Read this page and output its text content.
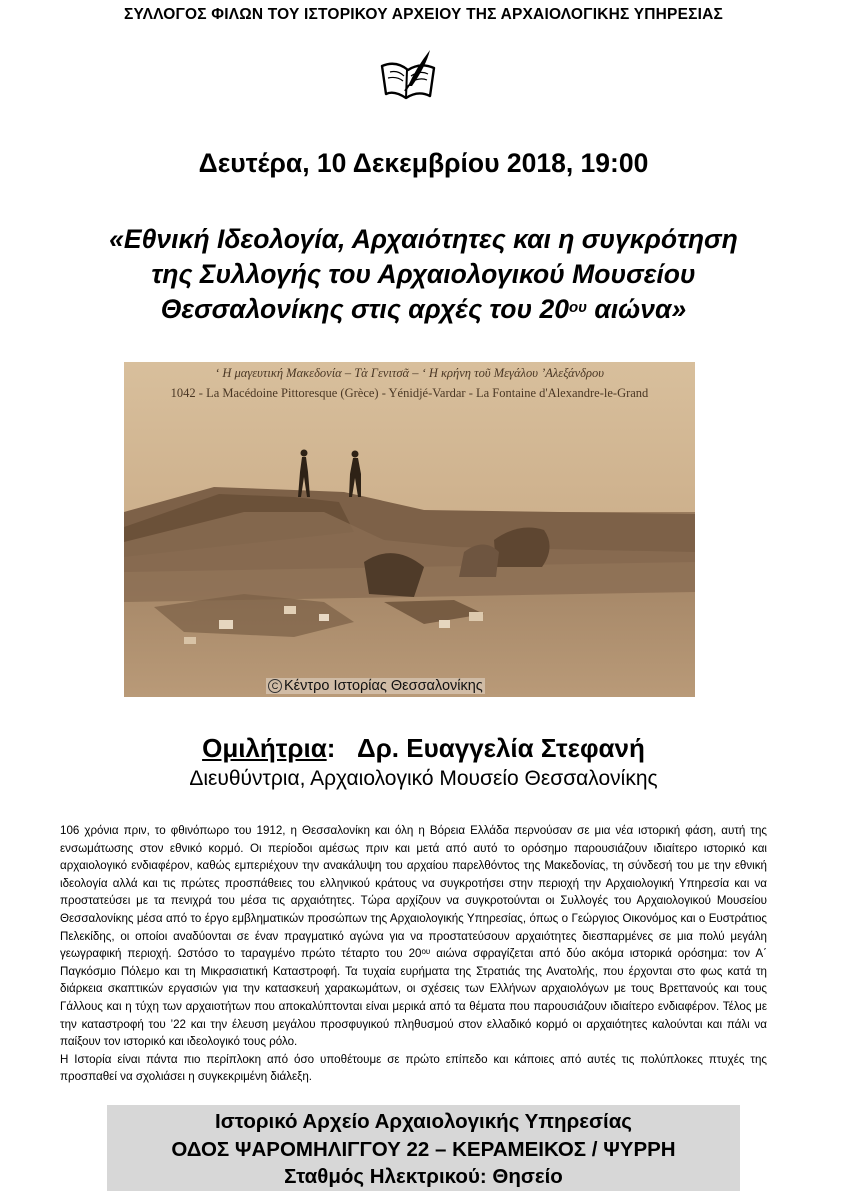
ΣΥΛΛΟΓΟΣ ΦΙΛΩΝ ΤΟΥ ΙΣΤΟΡΙΚΟΥ ΑΡΧΕΙΟΥ ΤΗΣ ΑΡΧΑΙΟΛΟΓΙΚΗΣ ΥΠΗΡΕΣΙΑΣ
Δευτέρα, 10 Δεκεμβρίου 2018, 19:00
«Εθνική Ιδεολογία, Αρχαιότητες και η συγκρότηση
της Συλλογής του Αρχαιολογικού Μουσείου
Θεσσαλονίκης στις αρχές του $20^{o\upsilon}$ αιώνα»
‘ Η μαγευτική Μακεδονία – Τὰ Γενιτσᾶ – ‘ Η κρήνη τοῦ Μεγάλου ’Αλεξάνδρου
1042 - La Macédoine Pittoresque (Grèce) - Yénidjé-Vardar - La Fontaine d'Alexandre-le-Grand
C Κέντρο Ιστορίας Θεσσαλονίκης
Ομιλήτρια: Δρ. Ευαγγελία Στεφανή
Διευθύντρια, Αρχαιολογικό Μουσείο Θεσσαλονίκης

106 χρόνια πριν, το φθινόπωρο του 1912, η Θεσσαλονίκη και όλη η Βόρεια Ελλάδα περνούσαν σε μια νέα ιστορική φάση, αυτή της ενσωμάτωσης στον εθνικό κορμό. Οι περίοδοι αμέσως πριν και μετά από αυτό το ορόσημο παρουσιάζουν ιδιαίτερο ιστορικό και αρχαιολογικό ενδιαφέρον, καθώς εμπεριέχουν την ανακάλυψη του αρχαίου παρελθόντος της Μακεδονίας, τη σύνδεσή του με την εθνική ιδεολογία αλλά και τις πρώτες προσπάθειες του ελληνικού κράτους να συγκροτήσει στην περιοχή την Αρχαιολογική Υπηρεσία και να προστατεύσει με τα πενιχρά του μέσα τις αρχαιότητες. Τώρα αρχίζουν να συγκροτούνται οι Συλλογές του Αρχαιολογικού Μουσείου Θεσσαλονίκης μέσα από το έργο εμβληματικών προσώπων της Αρχαιολογικής Υπηρεσίας, όπως ο Γεώργιος Οικονόμος και ο Ευστράτιος Πελεκίδης, οι οποίοι αναδύονται σε έναν πραγματικό αγώνα για να προστατεύσουν αρχαιότητες διεσπαρμένες σε μια πολύ μεγάλη γεωγραφική περιοχή. Ωστόσο το ταραγμένο πρώτο τέταρτο του $20^{o\upsilon}$ αιώνα σφραγίζεται από δύο ακόμα ιστορικά ορόσημα: τον Α΄ Παγκόσμιο Πόλεμο και τη Μικρασιατική Καταστροφή. Τα τυχαία ευρήματα της Στρατιάς της Ανατολής, που έρχονται στο φως κατά τη διάρκεια σκαπτικών εργασιών για την κατασκευή χαρακωμάτων, οι σχέσεις των Ελλήνων αρχαιολόγων με τους Βρεττανούς και τους Γάλλους και η τύχη των αρχαιοτήτων που αποκαλύπτονται είναι μερικά από τα θέματα που παρουσιάζουν ιδιαίτερο ενδιαφέρον. Τέλος με την καταστροφή του ’22 και την έλευση μεγάλου προσφυγικού πληθυσμού στον ελλαδικό κορμό οι αρχαιότητες καλούνται και πάλι να παίξουν τον ιστορικό και ιδεολογικό τους ρόλο.

Η Ιστορία είναι πάντα πιο περίπλοκη από όσο υποθέτουμε σε πρώτο επίπεδο και κάποιες από αυτές τις πολύπλοκες πτυχές της προσπαθεί να σχολιάσει η συγκεκριμένη διάλεξη.

Ιστορικό Αρχείο Αρχαιολογικής Υπηρεσίας
ΟΔΟΣ ΨΑΡΟΜΗΛΙΓΓΟΥ 22 – ΚΕΡΑΜΕΙΚΟΣ / ΨΥΡΡΗ
Σταθμός Ηλεκτρικού: Θησείο
